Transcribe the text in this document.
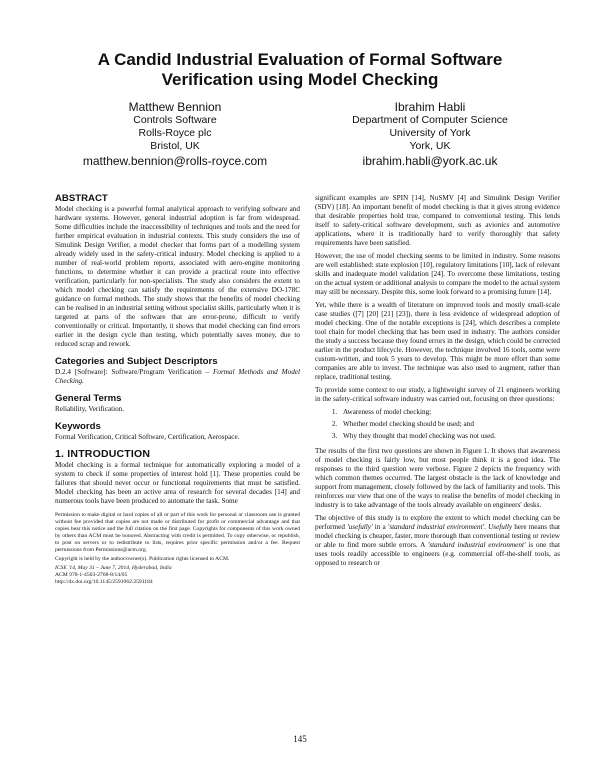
A Candid Industrial Evaluation of Formal Software
Verification using Model Checking
Matthew Bennion
Controls Software
Rolls-Royce plc
Bristol, UK
matthew.bennion@rolls-royce.com
Ibrahim Habli
Department of Computer Science
University of York
York, UK
ibrahim.habli@york.ac.uk
ABSTRACT

Model checking is a powerful formal analytical approach to verifying software and hardware systems. However, general industrial adoption is far from widespread. Some difficulties include the inaccessibility of techniques and tools and the need for further empirical evaluation in industrial contexts. This study considers the use of Simulink Design Verifier, a model checker that forms part of a modelling system already widely used in the safety-critical industry. Model checking is applied to a number of real-world problem reports, associated with aero-engine monitoring functions, to determine whether it can provide a practical route into effective verification, particularly for non-specialists. The study also considers the extent to which model checking can satisfy the requirements of the extensive DO-178C guidance on formal methods. The study shows that the benefits of model checking can be realised in an industrial setting without specialist skills, particularly when it is targeted at parts of the software that are error-prone, difficult to verify conventionally or critical. Importantly, it shows that model checking can find errors earlier in the design cycle than testing, which potentially saves money, due to reduced scrap and rework.

Categories and Subject Descriptors

D.2.4 [Software]: Software/Program Verification – Formal Methods and Model Checking.

General Terms

Reliability, Verification.

Keywords

Formal Verification, Critical Software, Certification, Aerospace.

1. INTRODUCTION

Model checking is a formal technique for automatically exploring a model of a system to check if some properties of interest hold [1]. These properties could be failures that should never occur or functional requirements that must be satisfied. Model checking has been an active area of research for several decades [14] and numerous tools have been produced to automate the task. Some

Permission to make digital or hard copies of all or part of this work for personal or classroom use is granted without fee provided that copies are not made or distributed for profit or commercial advantage and that copies bear this notice and the full citation on the first page. Copyrights for components of this work owned by others than ACM must be honored. Abstracting with credit is permitted. To copy otherwise, or republish, to post on servers or to redistribute to lists, requires prior specific permission and/or a fee. Request permissions from Permissions@acm.org.

Copyright is held by the author/owner(s). Publication rights licensed to ACM.

ICSE '14, May 31 – June 7, 2014, Hyderabad, India
ACM 978-1-4503-2768-8/14/05
http://dx.doi.org/10.1145/2591062.2591184

significant examples are SPIN [14], NuSMV [4] and Simulink Design Verifier (SDV) [18]. An important benefit of model checking is that it gives strong evidence that desirable properties hold true, compared to conventional testing. This lends itself to safety-critical software development, such as avionics and automotive applications, where it is traditionally hard to verify thoroughly that safety requirements have been satisfied.

However, the use of model checking seems to be limited in industry. Some reasons are well established: state explosion [10], regulatory limitations [10], lack of relevant skills and inadequate model validation [24]. To overcome these limitations, testing on the actual system or additional analysis to compare the model to the actual system may still be necessary. Despite this, some look forward to a promising future [14].

Yet, while there is a wealth of literature on improved tools and mostly small-scale case studies ([7] [20] [21] [23]), there is less evidence of widespread adoption of model checking. One of the notable exceptions is [24], which describes a complete tool chain for model checking that has been used in industry. The authors consider the study a success because they found errors in the design, which could be corrected earlier in the product lifecycle. However, the technique involved 16 tools, some were custom-written, and took 5 years to develop. This might be more effort than some companies are able to invest. The technique was also used to augment, rather than replace, traditional testing.

To provide some context to our study, a lightweight survey of 21 engineers working in the safety-critical software industry was carried out, focusing on three questions:

1. Awareness of model checking;
2. Whether model checking should be used; and
3. Why they thought that model checking was not used.

The results of the first two questions are shown in Figure 1. It shows that awareness of model checking is fairly low, but most people think it is a good idea. The responses to the third question were verbose. Figure 2 depicts the frequency with which common themes occurred. The largest obstacle is the lack of knowledge and support from management, closely followed by the lack of familiarity and tools. This reinforces our view that one of the ways to realise the benefits of model checking in industry is to take advantage of the tools already available on engineers' desks.

The objective of this study is to explore the extent to which model checking can be performed 'usefully' in a 'standard industrial environment'. Usefully here means that model checking is cheaper, faster, more thorough than conventional testing or review or able to find more subtle errors. A 'standard industrial environment' is one that uses tools readily accessible to engineers (e.g. commercial off-the-shelf tools, as opposed to research or

145
